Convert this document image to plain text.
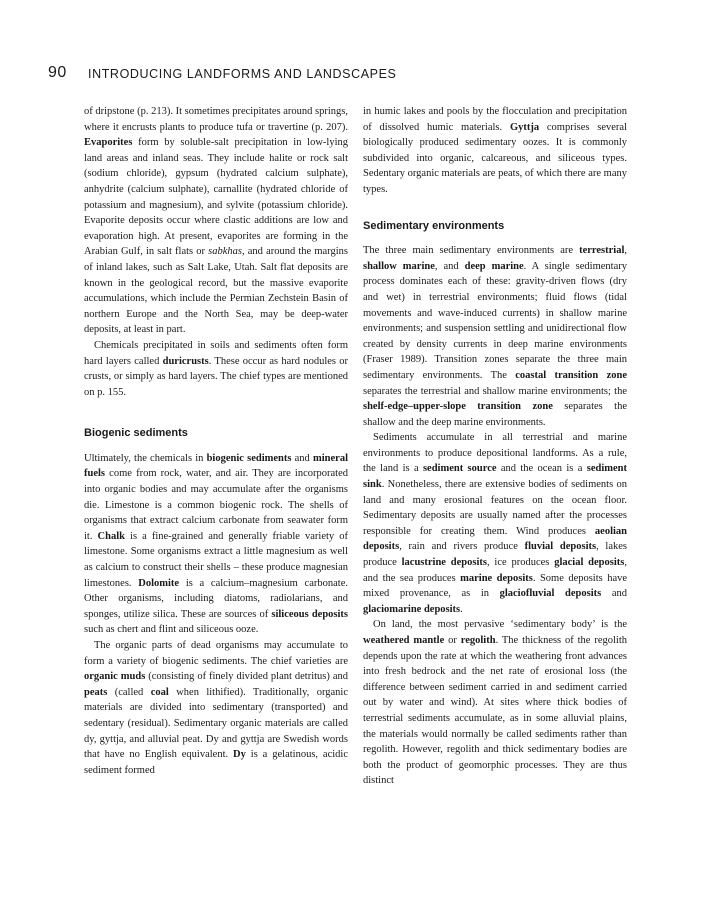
90 INTRODUCING LANDFORMS AND LANDSCAPES

of dripstone (p. 213). It sometimes precipitates around springs, where it encrusts plants to produce tufa or travertine (p. 207). Evaporites form by soluble-salt precipitation in low-lying land areas and inland seas. They include halite or rock salt (sodium chloride), gypsum (hydrated calcium sulphate), anhydrite (calcium sulphate), carnallite (hydrated chloride of potassium and magnesium), and sylvite (potassium chloride). Evaporite deposits occur where clastic additions are low and evaporation high. At present, evaporites are forming in the Arabian Gulf, in salt flats or sabkhas, and around the margins of inland lakes, such as Salt Lake, Utah. Salt flat deposits are known in the geological record, but the massive evaporite accumulations, which include the Permian Zechstein Basin of northern Europe and the North Sea, may be deep-water deposits, at least in part.

Chemicals precipitated in soils and sediments often form hard layers called duricrusts. These occur as hard nodules or crusts, or simply as hard layers. The chief types are mentioned on p. 155.

Biogenic sediments

Ultimately, the chemicals in biogenic sediments and mineral fuels come from rock, water, and air. They are incorporated into organic bodies and may accumulate after the organisms die. Limestone is a common biogenic rock. The shells of organisms that extract calcium carbonate from seawater form it. Chalk is a fine-grained and generally friable variety of limestone. Some organisms extract a little magnesium as well as calcium to construct their shells – these produce magnesian limestones. Dolomite is a calcium–magnesium carbonate. Other organisms, including diatoms, radiolarians, and sponges, utilize silica. These are sources of siliceous deposits such as chert and flint and siliceous ooze.

The organic parts of dead organisms may accumulate to form a variety of biogenic sediments. The chief varieties are organic muds (consisting of finely divided plant detritus) and peats (called coal when lithified). Traditionally, organic materials are divided into sedimentary (transported) and sedentary (residual). Sedimentary organic materials are called dy, gyttja, and alluvial peat. Dy and gyttja are Swedish words that have no English equivalent. Dy is a gelatinous, acidic sediment formed

in humic lakes and pools by the flocculation and precipitation of dissolved humic materials. Gyttja comprises several biologically produced sedimentary oozes. It is commonly subdivided into organic, calcareous, and siliceous types. Sedentary organic materials are peats, of which there are many types.

Sedimentary environments

The three main sedimentary environments are terrestrial, shallow marine, and deep marine. A single sedimentary process dominates each of these: gravity-driven flows (dry and wet) in terrestrial environments; fluid flows (tidal movements and wave-induced currents) in shallow marine environments; and suspension settling and unidirectional flow created by density currents in deep marine environments (Fraser 1989). Transition zones separate the three main sedimentary environments. The coastal transition zone separates the terrestrial and shallow marine environments; the shelf-edge–upper-slope transition zone separates the shallow and the deep marine environments.

Sediments accumulate in all terrestrial and marine environments to produce depositional landforms. As a rule, the land is a sediment source and the ocean is a sediment sink. Nonetheless, there are extensive bodies of sediments on land and many erosional features on the ocean floor. Sedimentary deposits are usually named after the processes responsible for creating them. Wind produces aeolian deposits, rain and rivers produce fluvial deposits, lakes produce lacustrine deposits, ice produces glacial deposits, and the sea produces marine deposits. Some deposits have mixed provenance, as in glaciofluvial deposits and glaciomarine deposits.

On land, the most pervasive ‘sedimentary body’ is the weathered mantle or regolith. The thickness of the regolith depends upon the rate at which the weathering front advances into fresh bedrock and the net rate of erosional loss (the difference between sediment carried in and sediment carried out by water and wind). At sites where thick bodies of terrestrial sediments accumulate, as in some alluvial plains, the materials would normally be called sediments rather than regolith. However, regolith and thick sedimentary bodies are both the product of geomorphic processes. They are thus distinct
